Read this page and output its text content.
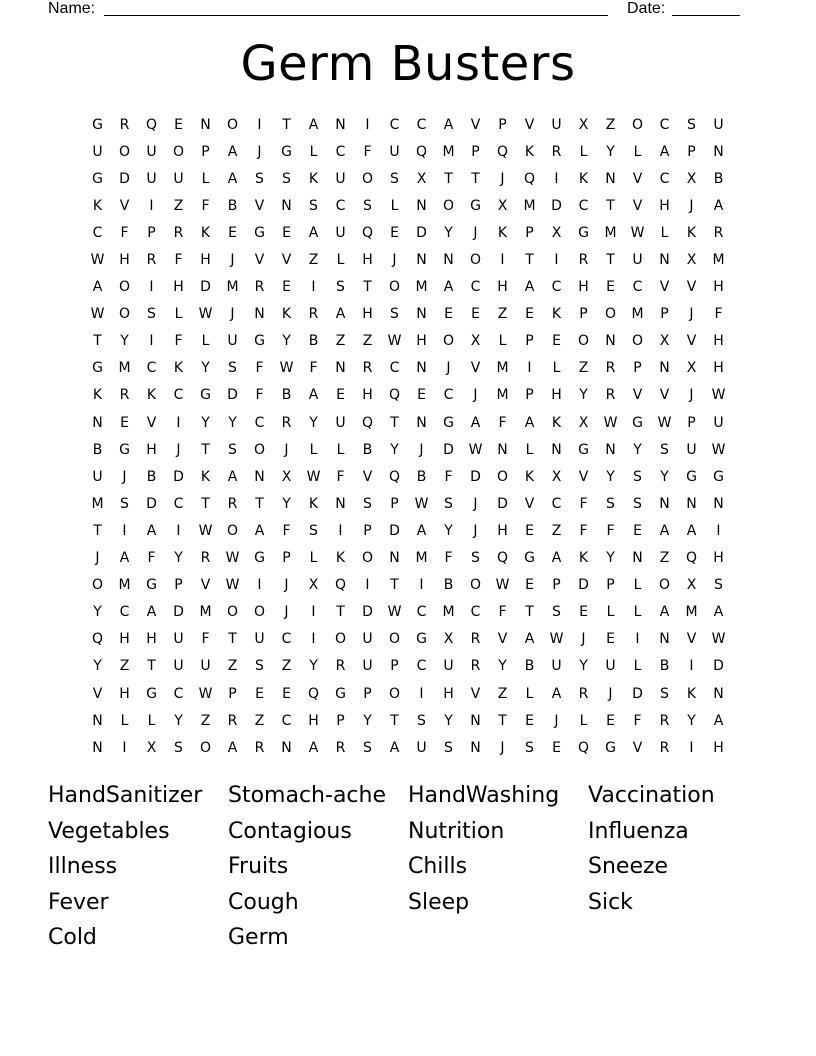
Name:	Date:
Germ Busters
G	R	Q	E	N	O	I	T	A	N	I	C	C	A	V	P	V	U	X	Z	O	C	S	U
U	O	U	O	P	A	J	G	L	C	F	U	Q	M	P	Q	K	R	L	Y	L	A	P	N
G	D	U	U	L	A	S	S	K	U	O	S	X	T	T	J	Q	I	K	N	V	C	X	B
K	V	I	Z	F	B	V	N	S	C	S	L	N	O	G	X	M	D	C	T	V	H	J	A
C	F	P	R	K	E	G	E	A	U	Q	E	D	Y	J	K	P	X	G	M	W	L	K	R
W	H	R	F	H	J	V	V	Z	L	H	J	N	N	O	I	T	I	R	T	U	N	X	M
A	O	I	H	D	M	R	E	I	S	T	O	M	A	C	H	A	C	H	E	C	V	V	H
W	O	S	L	W	J	N	K	R	A	H	S	N	E	E	Z	E	K	P	O	M	P	J	F
T	Y	I	F	L	U	G	Y	B	Z	Z	W	H	O	X	L	P	E	O	N	O	X	V	H
G	M	C	K	Y	S	F	W	F	N	R	C	N	J	V	M	I	L	Z	R	P	N	X	H
K	R	K	C	G	D	F	B	A	E	H	Q	E	C	J	M	P	H	Y	R	V	V	J	W
N	E	V	I	Y	Y	C	R	Y	U	Q	T	N	G	A	F	A	K	X	W	G	W	P	U
B	G	H	J	T	S	O	J	L	L	B	Y	J	D	W	N	L	N	G	N	Y	S	U	W
U	J	B	D	K	A	N	X	W	F	V	Q	B	F	D	O	K	X	V	Y	S	Y	G	G
M	S	D	C	T	R	T	Y	K	N	S	P	W	S	J	D	V	C	F	S	S	N	N	N
T	I	A	I	W	O	A	F	S	I	P	D	A	Y	J	H	E	Z	F	F	E	A	A	I
J	A	F	Y	R	W	G	P	L	K	O	N	M	F	S	Q	G	A	K	Y	N	Z	Q	H
O	M	G	P	V	W	I	J	X	Q	I	T	I	B	O	W	E	P	D	P	L	O	X	S
Y	C	A	D	M	O	O	J	I	T	D	W	C	M	C	F	T	S	E	L	L	A	M	A
Q	H	H	U	F	T	U	C	I	O	U	O	G	X	R	V	A	W	J	E	I	N	V	W
Y	Z	T	U	U	Z	S	Z	Y	R	U	P	C	U	R	Y	B	U	Y	U	L	B	I	D
V	H	G	C	W	P	E	E	Q	G	P	O	I	H	V	Z	L	A	R	J	D	S	K	N
N	L	L	Y	Z	R	Z	C	H	P	Y	T	S	Y	N	T	E	J	L	E	F	R	Y	A
N	I	X	S	O	A	R	N	A	R	S	A	U	S	N	J	S	E	Q	G	V	R	I	H
HandSanitizer	Stomach-ache	HandWashing	Vaccination
Vegetables	Contagious	Nutrition	Influenza
Illness	Fruits	Chills	Sneeze
Fever	Cough	Sleep	Sick
Cold	Germ
